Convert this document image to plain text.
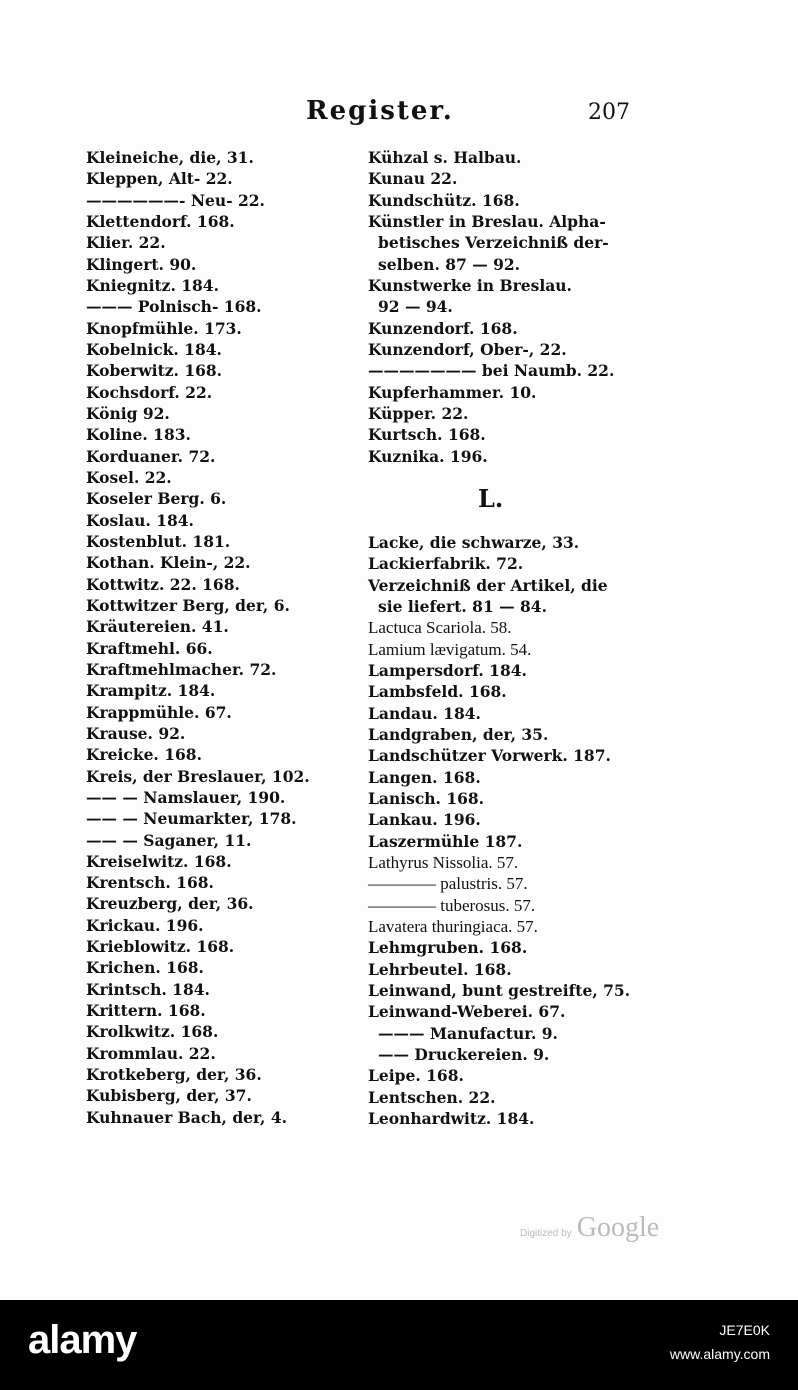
Register.	207
Kleineiche, die, 31.
Kleppen, Alt- 22.
——————- Neu- 22.
Klettendorf. 168.
Klier. 22.
Klingert. 90.
Kniegnitz. 184.
——— Polnisch- 168.
Knopfmühle. 173.
Kobelnick. 184.
Koberwitz. 168.
Kochsdorf. 22.
König 92.
Koline. 183.
Korduaner. 72.
Kosel. 22.
Koseler Berg. 6.
Koslau. 184.
Kostenblut. 181.
Kothan. Klein-, 22.
Kottwitz. 22. 168.
Kottwitzer Berg, der, 6.
Kräutereien. 41.
Kraftmehl. 66.
Kraftmehlmacher. 72.
Krampitz. 184.
Krappmühle. 67.
Krause. 92.
Kreicke. 168.
Kreis, der Breslauer, 102.
—— — Namslauer, 190.
—— — Neumarkter, 178.
—— — Saganer, 11.
Kreiselwitz. 168.
Krentsch. 168.
Kreuzberg, der, 36.
Krickau. 196.
Krieblowitz. 168.
Krichen. 168.
Krintsch. 184.
Krittern. 168.
Krolkwitz. 168.
Krommlau. 22.
Krotkeberg, der, 36.
Kubisberg, der, 37.
Kuhnauer Bach, der, 4.
Kühzal s. Halbau.
Kunau 22.
Kundschütz. 168.
Künstler in Breslau. Alpha-
betisches Verzeichniß der-
selben. 87 — 92.
Kunstwerke in Breslau.
92 — 94.
Kunzendorf. 168.
Kunzendorf, Ober-, 22.
——————— bei Naumb. 22.
Kupferhammer. 10.
Küpper. 22.
Kurtsch. 168.
Kuznika. 196.
L.
Lacke, die schwarze, 33.
Lackierfabrik. 72.
Verzeichniß der Artikel, die
sie liefert. 81 — 84.
Lactuca Scariola. 58.
Lamium lævigatum. 54.
Lampersdorf. 184.
Lambsfeld. 168.
Landau. 184.
Landgraben, der, 35.
Landschützer Vorwerk. 187.
Langen. 168.
Lanisch. 168.
Lankau. 196.
Laszermühle 187.
Lathyrus Nissolia. 57.
———— palustris. 57.
———— tuberosus. 57.
Lavatera thuringiaca. 57.
Lehmgruben. 168.
Lehrbeutel. 168.
Leinwand, bunt gestreifte, 75.
Leinwand-Weberei. 67.
——— Manufactur. 9.
—— Druckereien. 9.
Leipe. 168.
Lentschen. 22.
Leonhardwitz. 184.
Digitized by Google
alamy	JE7E0K
www.alamy.com
